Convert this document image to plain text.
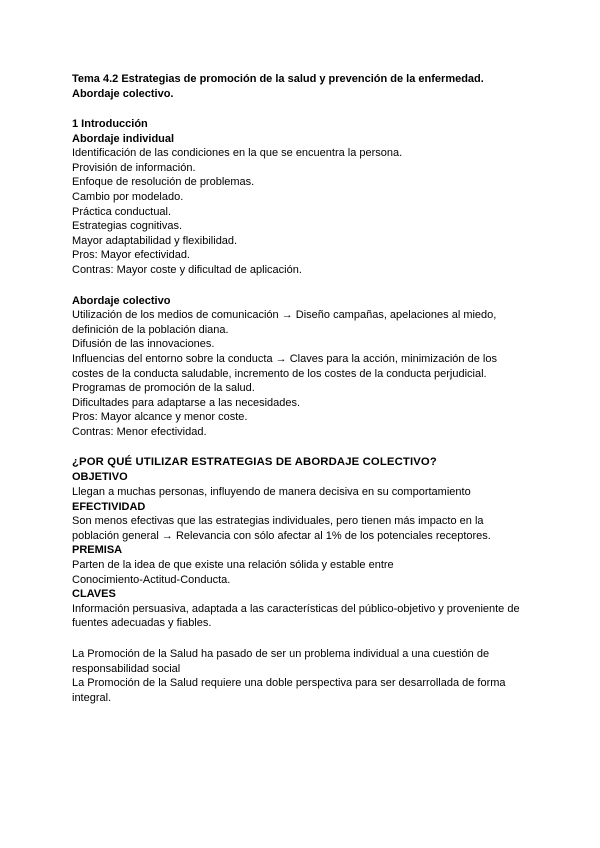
Tema 4.2 Estrategias de promoción de la salud y prevención de la enfermedad.

Abordaje colectivo.

1 Introducción

Abordaje individual

Identificación de las condiciones en la que se encuentra la persona.

Provisión de información.

Enfoque de resolución de problemas.

Cambio por modelado.

Práctica conductual.

Estrategias cognitivas.

Mayor adaptabilidad y flexibilidad.

Pros: Mayor efectividad.

Contras: Mayor coste y dificultad de aplicación.

Abordaje colectivo

Utilización de los medios de comunicación → Diseño campañas, apelaciones al miedo,

definición de la población diana.

Difusión de las innovaciones.

Influencias del entorno sobre la conducta → Claves para la acción, minimización de los

costes de la conducta saludable, incremento de los costes de la conducta perjudicial.

Programas de promoción de la salud.

Dificultades para adaptarse a las necesidades.

Pros: Mayor alcance y menor coste.

Contras: Menor efectividad.

¿POR QUÉ UTILIZAR ESTRATEGIAS DE ABORDAJE COLECTIVO?

OBJETIVO

Llegan a muchas personas, influyendo de manera decisiva en su comportamiento

EFECTIVIDAD

Son menos efectivas que las estrategias individuales, pero tienen más impacto en la

población general → Relevancia con sólo afectar al 1% de los potenciales receptores.

PREMISA

Parten de la idea de que existe una relación sólida y estable entre

Conocimiento-Actitud-Conducta.

CLAVES

Información persuasiva, adaptada a las características del público-objetivo y proveniente de

fuentes adecuadas y fiables.

La Promoción de la Salud ha pasado de ser un problema individual a una cuestión de

responsabilidad social

La Promoción de la Salud requiere una doble perspectiva para ser desarrollada de forma

integral.
